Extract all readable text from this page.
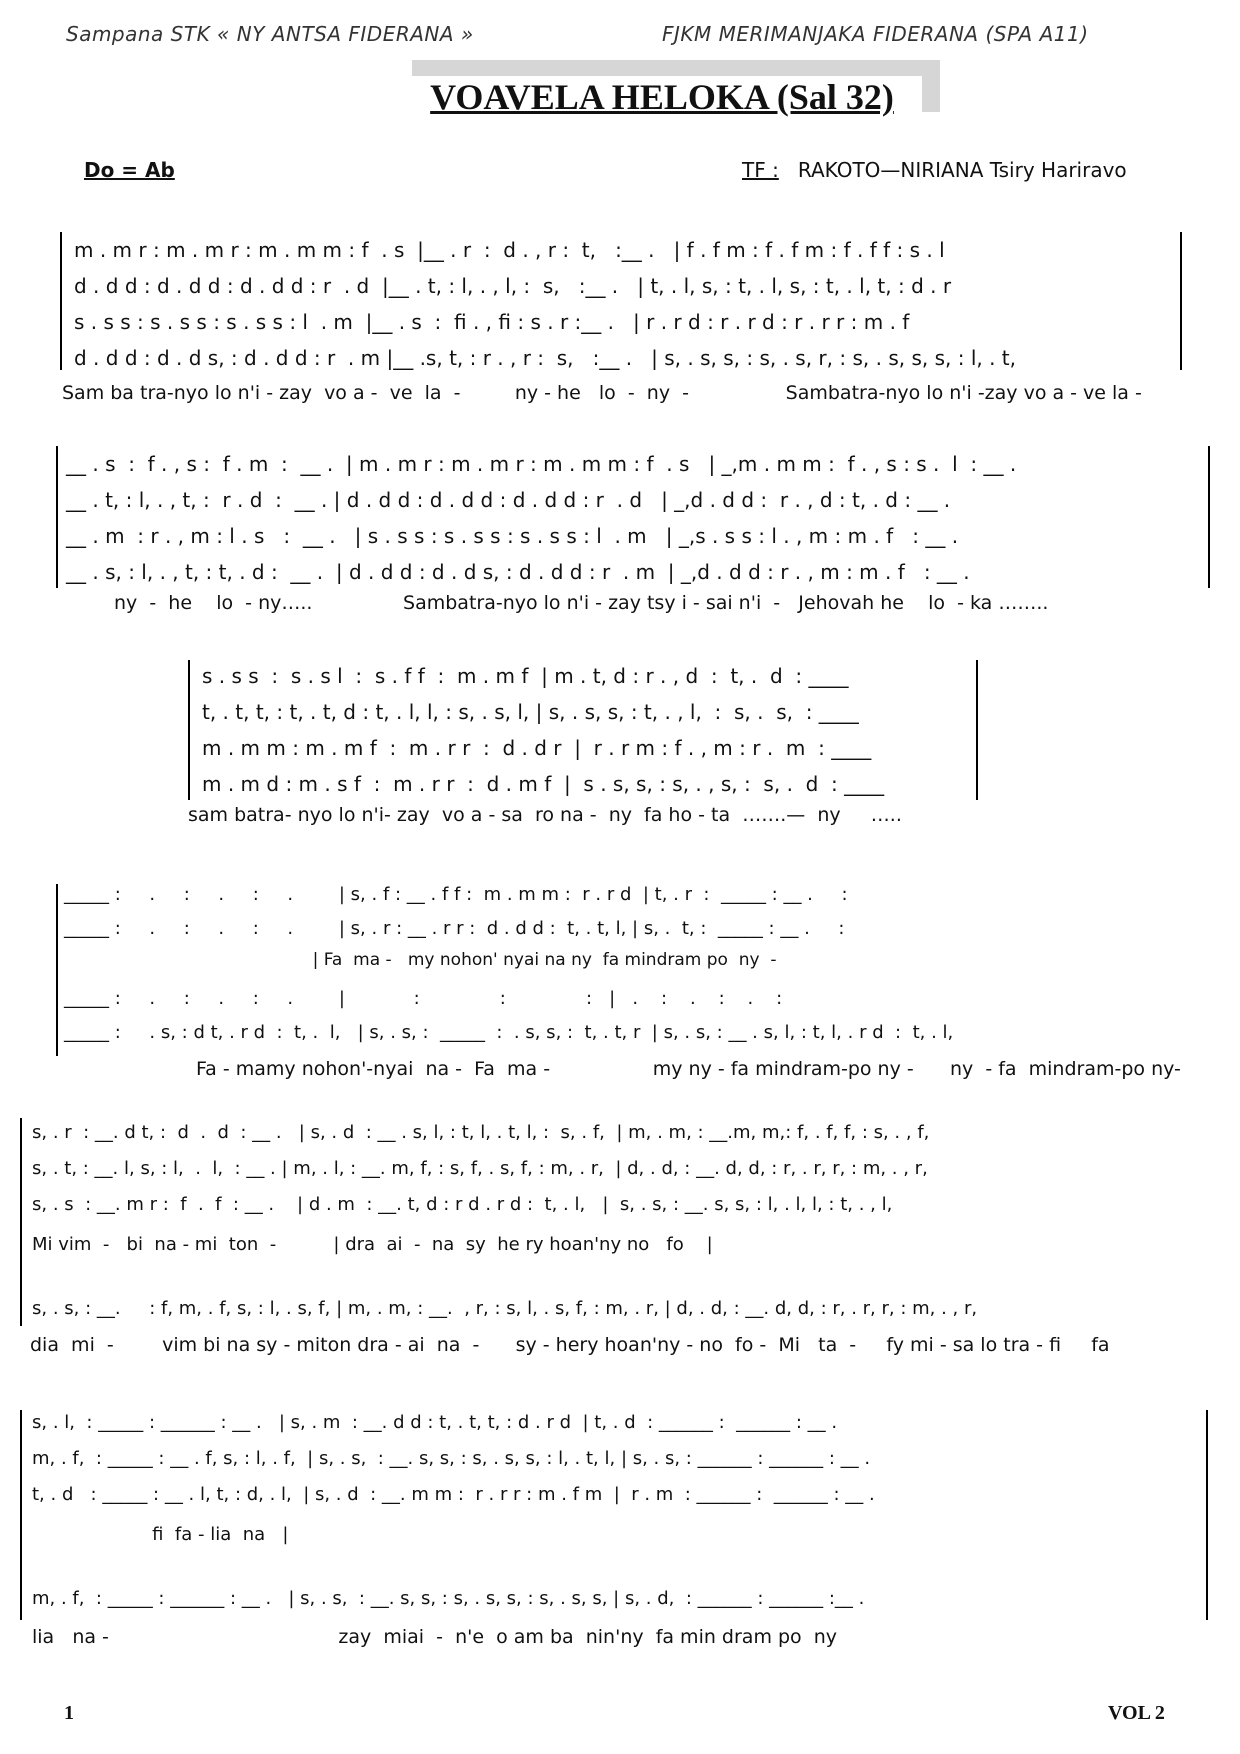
Sampana STK « NY ANTSA FIDERANA »	FJKM MERIMANJAKA FIDERANA (SPA A11)
VOAVELA HELOKA (Sal 32)
Do = Ab	TF : RAKOTO—NIRIANA Tsiry Hariravo
m . m r : m . m r : m . m m : f  . s  |__ . r  :  d . , r :  t,   :__ .   | f . f m : f . f m : f . f f : s . l
d . d d : d . d d : d . d d : r  . d  |__ . t, : l, . , l, :  s,   :__ .   | t, . l, s, : t, . l, s, : t, . l, t, : d . r
s . s s : s . s s : s . s s : l  . m  |__ . s  :  fi . , fi : s . r :__ .   | r . r d : r . r d : r . r r : m . f
d . d d : d . d s, : d . d d : r  . m |__ .s, t, : r . , r :  s,   :__ .   | s, . s, s, : s, . s, r, : s, . s, s, s, : l, . t,
Sam ba tra-nyo lo n'i - zay  vo a -  ve  la  -         ny - he   lo  -  ny  -                Sambatra-nyo lo n'i -zay vo a - ve la -
__ . s  :  f . , s :  f . m  :  __ .  | m . m r : m . m r : m . m m : f  . s   | _,m . m m :  f . , s : s .  l  : __ .
__ . t, : l, . , t, :  r . d  :  __ . | d . d d : d . d d : d . d d : r  . d   | _,d . d d :  r . , d : t, . d : __ .
__ . m  : r . , m : l . s   :  __ .   | s . s s : s . s s : s . s s : l  . m   | _,s . s s : l . , m : m . f   : __ .
__ . s, : l, . , t, : t, . d :  __ .  | d . d d : d . d s, : d . d d : r  . m  | _,d . d d : r . , m : m . f   : __ .
ny  -  he    lo  - ny…..               Sambatra-nyo lo n'i - zay tsy i - sai n'i  -   Jehovah he    lo  - ka ……..
s . s s  :  s . s l  :  s . f f  :  m . m f  | m . t, d : r . , d  :  t, .  d  : ____
t, . t, t, : t, . t, d : t, . l, l, : s, . s, l, | s, . s, s, : t, . , l,  :  s, .  s,  : ____
m . m m : m . m f  :  m . r r  :  d . d r  |  r . r m : f . , m : r .  m  : ____
m . m d : m . s f  :  m . r r  :  d . m f  |  s . s, s, : s, . , s, :  s, .  d  : ____
sam batra- nyo lo n'i- zay  vo a - sa  ro na -  ny  fa ho - ta  …….—  ny     …..
_____ :     .     :     .     :     .        | s, . f : __ . f f :  m . m m :  r . r d  | t, . r  :  _____ : __ .     :
_____ :     .     :     .     :     .        | s, . r : __ . r r :  d . d d :  t, . t, l, | s, .  t, :  _____ : __ .     :
| Fa  ma -   my nohon' nyai na ny  fa mindram po  ny  -
_____ :     .     :     .     :     .        |            :              :              :   |   .    :    .    :    .    :
_____ :     . s, : d t, . r d  :  t, .  l,   | s, . s, :  _____  :  . s, s, :  t, . t, r  | s, . s, : __ . s, l, : t, l, . r d  :  t, . l,
Fa - mamy nohon'-nyai  na -  Fa  ma -                 my ny - fa mindram-po ny -      ny  - fa  mindram-po ny-
s, . r  : __. d t, :  d  .  d  : __ .   | s, . d  : __ . s, l, : t, l, . t, l, :  s, . f,  | m, . m, : __.m, m,: f, . f, f, : s, . , f,
s, . t, : __. l, s, : l,  .  l,  : __ . | m, . l, : __. m, f, : s, f, . s, f, : m, . r,  | d, . d, : __. d, d, : r, . r, r, : m, . , r,
s, . s  : __. m r :  f  .  f  : __ .    | d . m  : __. t, d : r d . r d :  t, . l,   |  s, . s, : __. s, s, : l, . l, l, : t, . , l,
Mi vim  -   bi  na - mi  ton  -          | dra  ai  -  na  sy  he ry hoan'ny no   fo    |
s, . s, : __.     : f, m, . f, s, : l, . s, f, | m, . m, : __.  , r, : s, l, . s, f, : m, . r, | d, . d, : __. d, d, : r, . r, r, : m, . , r,
dia  mi  -        vim bi na sy - miton dra - ai  na  -      sy - hery hoan'ny - no  fo -  Mi   ta  -     fy mi - sa lo tra - fi     fa
s, . l,  : _____ : ______ : __ .   | s, . m  : __. d d : t, . t, t, : d . r d  | t, . d  : ______ :  ______ : __ .
m, . f,  : _____ : __ . f, s, : l, . f,  | s, . s,  : __. s, s, : s, . s, s, : l, . t, l, | s, . s, : ______ : ______ : __ .
t, . d   : _____ : __ . l, t, : d, . l,  | s, . d  : __. m m :  r . r r : m . f m  |  r . m  : ______ :  ______ : __ .
fi  fa - lia  na   |
m, . f,  : _____ : ______ : __ .   | s, . s,  : __. s, s, : s, . s, s, : s, . s, s, | s, . d,  : ______ : ______ :__ .
lia   na -                                      zay  miai  -  n'e  o am ba  nin'ny  fa min dram po  ny
1	VOL 2
